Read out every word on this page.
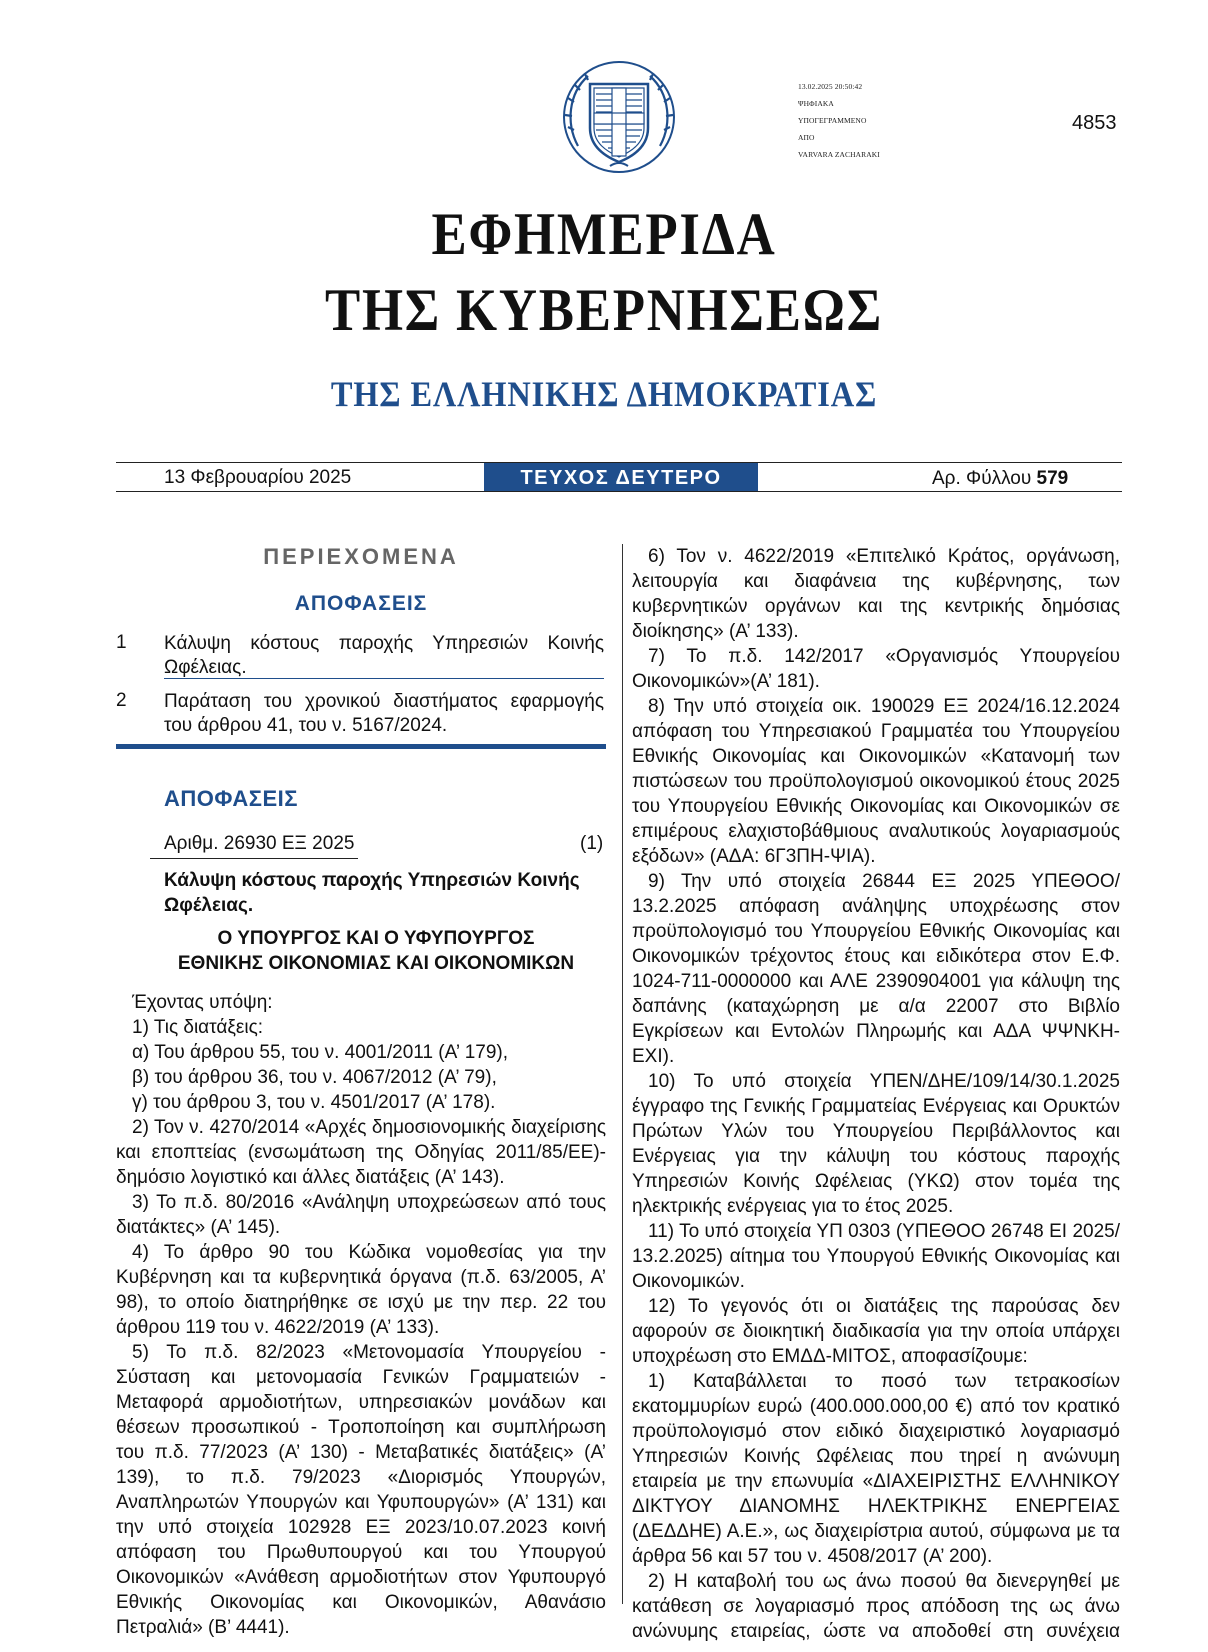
13.02.2025 20:50:42
ΨΗΦΙΑΚΑ
ΥΠΟΓΕΓΡΑΜΜΕΝΟ
ΑΠΟ
VARVARA ZACHARAKI
4853
ΕΦΗΜΕΡΙΔΑ
ΤΗΣ ΚΥΒΕΡΝΗΣΕΩΣ
ΤΗΣ ΕΛΛΗΝΙΚΗΣ ΔΗΜΟΚΡΑΤΙΑΣ
13 Φεβρουαρίου 2025	ΤΕΥΧΟΣ ΔΕΥΤΕΡΟ	Αρ. Φύλλου 579
ΠΕΡΙΕΧΟΜΕΝΑ
ΑΠΟΦΑΣΕΙΣ
1 Κάλυψη κόστους παροχής Υπηρεσιών Κοινής Ωφέλειας.
2 Παράταση του χρονικού διαστήματος εφαρμογής του άρθρου 41, του ν. 5167/2024.
ΑΠΟΦΑΣΕΙΣ
Αριθμ. 26930 ΕΞ 2025	(1)
Κάλυψη κόστους παροχής Υπηρεσιών Κοινής Ωφέλειας.
Ο ΥΠΟΥΡΓΟΣ ΚΑΙ Ο ΥΦΥΠΟΥΡΓΟΣ
ΕΘΝΙΚΗΣ ΟΙΚΟΝΟΜΙΑΣ ΚΑΙ ΟΙΚΟΝΟΜΙΚΩΝ

Έχοντας υπόψη:

1) Τις διατάξεις:

α) Του άρθρου 55, του ν. 4001/2011 (Α’ 179),

β) του άρθρου 36, του ν. 4067/2012 (Α’ 79),

γ) του άρθρου 3, του ν. 4501/2017 (Α’ 178).

2) Τον ν. 4270/2014 «Αρχές δημοσιονομικής διαχείρισης και εποπτείας (ενσωμάτωση της Οδηγίας 2011/85/ΕΕ)- δημόσιο λογιστικό και άλλες διατάξεις (Α’ 143).

3) Το π.δ. 80/2016 «Ανάληψη υποχρεώσεων από τους διατάκτες» (Α’ 145).

4) Το άρθρο 90 του Κώδικα νομοθεσίας για την Κυβέρνηση και τα κυβερνητικά όργανα (π.δ. 63/2005, Α’ 98), το οποίο διατηρήθηκε σε ισχύ με την περ. 22 του άρθρου 119 του ν. 4622/2019 (Α’ 133).

5) Το π.δ. 82/2023 «Μετονομασία Υπουργείου - Σύσταση και μετονομασία Γενικών Γραμματειών - Μεταφορά αρμοδιοτήτων, υπηρεσιακών μονάδων και θέσεων προσωπικού - Τροποποίηση και συμπλήρωση του π.δ. 77/2023 (Α’ 130) - Μεταβατικές διατάξεις» (Α’ 139), το π.δ. 79/2023 «Διορισμός Υπουργών, Αναπληρωτών Υπουργών και Υφυπουργών» (Α’ 131) και την υπό στοιχεία 102928 ΕΞ 2023/10.07.2023 κοινή απόφαση του Πρωθυπουργού και του Υπουργού Οικονομικών «Ανάθεση αρμοδιοτήτων στον Υφυπουργό Εθνικής Οικονομίας και Οικονομικών, Αθανάσιο Πετραλιά» (Β’ 4441).

6) Τον ν. 4622/2019 «Επιτελικό Κράτος, οργάνωση, λειτουργία και διαφάνεια της κυβέρνησης, των κυβερνητικών οργάνων και της κεντρικής δημόσιας διοίκησης» (Α’ 133).

7) Το π.δ. 142/2017 «Οργανισμός Υπουργείου Οικονομικών»(Α’ 181).

8) Την υπό στοιχεία οικ. 190029 ΕΞ 2024/16.12.2024 απόφαση του Υπηρεσιακού Γραμματέα του Υπουργείου Εθνικής Οικονομίας και Οικονομικών «Κατανομή των πιστώσεων του προϋπολογισμού οικονομικού έτους 2025 του Υπουργείου Εθνικής Οικονομίας και Οικονομικών σε επιμέρους ελαχιστοβάθμιους αναλυτικούς λογαριασμούς εξόδων» (ΑΔΑ: 6Γ3ΠΗ-ΨΙΑ).

9) Την υπό στοιχεία 26844 ΕΞ 2025 ΥΠΕΘΟΟ/ 13.2.2025 απόφαση ανάληψης υποχρέωσης στον προϋπολογισμό του Υπουργείου Εθνικής Οικονομίας και Οικονομικών τρέχοντος έτους και ειδικότερα στον Ε.Φ. 1024-711-0000000 και ΑΛΕ 2390904001 για κάλυψη της δαπάνης (καταχώρηση με α/α 22007 στο Βιβλίο Εγκρίσεων και Εντολών Πληρωμής και ΑΔΑ ΨΨΝΚΗ-ΕΧΙ).

10) Το υπό στοιχεία ΥΠΕΝ/ΔΗΕ/109/14/30.1.2025 έγγραφο της Γενικής Γραμματείας Ενέργειας και Ορυκτών Πρώτων Υλών του Υπουργείου Περιβάλλοντος και Ενέργειας για την κάλυψη του κόστους παροχής Υπηρεσιών Κοινής Ωφέλειας (ΥΚΩ) στον τομέα της ηλεκτρικής ενέργειας για το έτος 2025.

11) Το υπό στοιχεία ΥΠ 0303 (ΥΠΕΘΟΟ 26748 ΕΙ 2025/ 13.2.2025) αίτημα του Υπουργού Εθνικής Οικονομίας και Οικονομικών.

12) Το γεγονός ότι οι διατάξεις της παρούσας δεν αφορούν σε διοικητική διαδικασία για την οποία υπάρχει υποχρέωση στο ΕΜΔΔ-ΜΙΤΟΣ, αποφασίζουμε:

1) Καταβάλλεται το ποσό των τετρακοσίων εκατομμυρίων ευρώ (400.000.000,00 €) από τον κρατικό προϋπολογισμό στον ειδικό διαχειριστικό λογαριασμό Υπηρεσιών Κοινής Ωφέλειας που τηρεί η ανώνυμη εταιρεία με την επωνυμία «ΔΙΑΧΕΙΡΙΣΤΗΣ ΕΛΛΗΝΙΚΟΥ ΔΙΚΤΥΟΥ ΔΙΑΝΟΜΗΣ ΗΛΕΚΤΡΙΚΗΣ ΕΝΕΡΓΕΙΑΣ (ΔΕΔΔΗΕ) Α.Ε.», ως διαχειρίστρια αυτού, σύμφωνα με τα άρθρα 56 και 57 του ν. 4508/2017 (Α’ 200).

2) Η καταβολή του ως άνω ποσού θα διενεργηθεί με κατάθεση σε λογαριασμό προς απόδοση της ως άνω ανώνυμης εταιρείας, ώστε να αποδοθεί στη συνέχεια
